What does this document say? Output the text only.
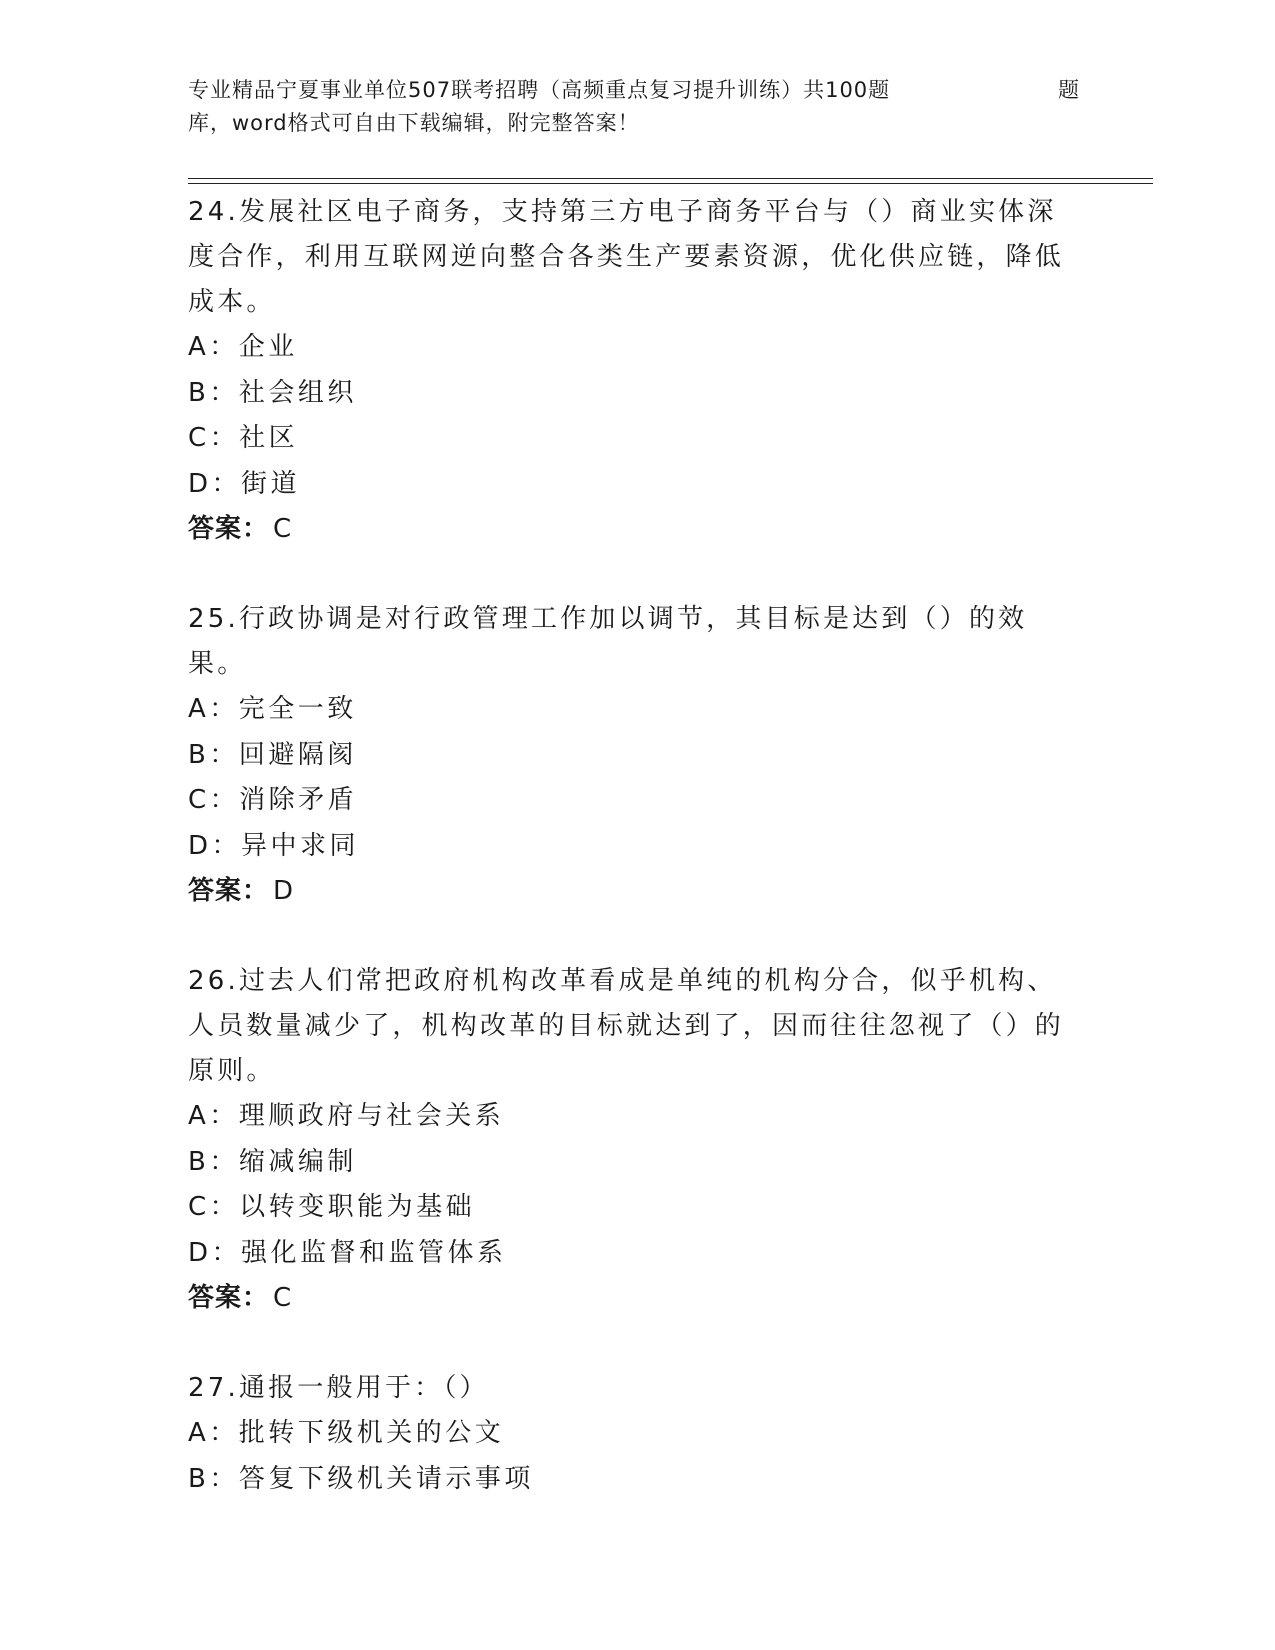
专业精品宁夏事业单位507联考招聘（高频重点复习提升训练）共100题	题
库，word格式可自由下载编辑，附完整答案！
24.发展社区电子商务，支持第三方电子商务平台与（）商业实体深度合作，利用互联网逆向整合各类生产要素资源，优化供应链，降低成本。
A：企业
B：社会组织
C：社区
D：街道
答案： C
25.行政协调是对行政管理工作加以调节，其目标是达到（）的效果。
A：完全一致
B：回避隔阂
C：消除矛盾
D：异中求同
答案： D
26.过去人们常把政府机构改革看成是单纯的机构分合，似乎机构、人员数量减少了，机构改革的目标就达到了，因而往往忽视了（）的原则。
A：理顺政府与社会关系
B：缩减编制
C：以转变职能为基础
D：强化监督和监管体系
答案： C
27.通报一般用于：（）
A：批转下级机关的公文
B：答复下级机关请示事项
